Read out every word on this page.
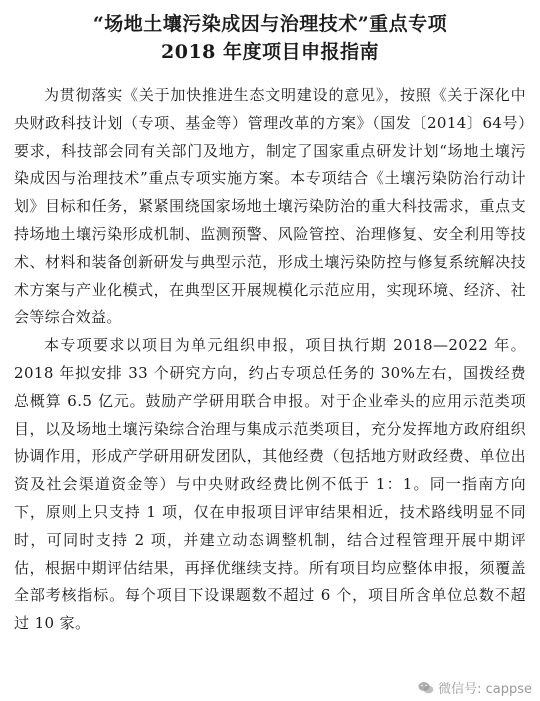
“场地土壤污染成因与治理技术”重点专项
2018 年度项目申报指南

为贯彻落实《关于加快推进生态文明建设的意见》，按照《关于深化中央财政科技计划（专项、基金等）管理改革的方案》（国发〔2014〕64号）要求，科技部会同有关部门及地方，制定了国家重点研发计划“场地土壤污染成因与治理技术”重点专项实施方案。本专项结合《土壤污染防治行动计划》目标和任务，紧紧围绕国家场地土壤污染防治的重大科技需求，重点支持场地土壤污染形成机制、监测预警、风险管控、治理修复、安全利用等技术、材料和装备创新研发与典型示范，形成土壤污染防控与修复系统解决技术方案与产业化模式，在典型区开展规模化示范应用，实现环境、经济、社会等综合效益。

本专项要求以项目为单元组织申报，项目执行期 2018—2022 年。2018 年拟安排 33 个研究方向，约占专项总任务的 30%左右，国拨经费总概算 6.5 亿元。鼓励产学研用联合申报。对于企业牵头的应用示范类项目，以及场地土壤污染综合治理与集成示范类项目，充分发挥地方政府组织协调作用，形成产学研用研发团队，其他经费（包括地方财政经费、单位出资及社会渠道资金等）与中央财政经费比例不低于 1：1。同一指南方向下，原则上只支持 1 项，仅在申报项目评审结果相近，技术路线明显不同时，可同时支持 2 项，并建立动态调整机制，结合过程管理开展中期评估，根据中期评估结果，再择优继续支持。所有项目均应整体申报，须覆盖全部考核指标。每个项目下设课题数不超过 6 个，项目所含单位总数不超过 10 家。

微信号: cappse
